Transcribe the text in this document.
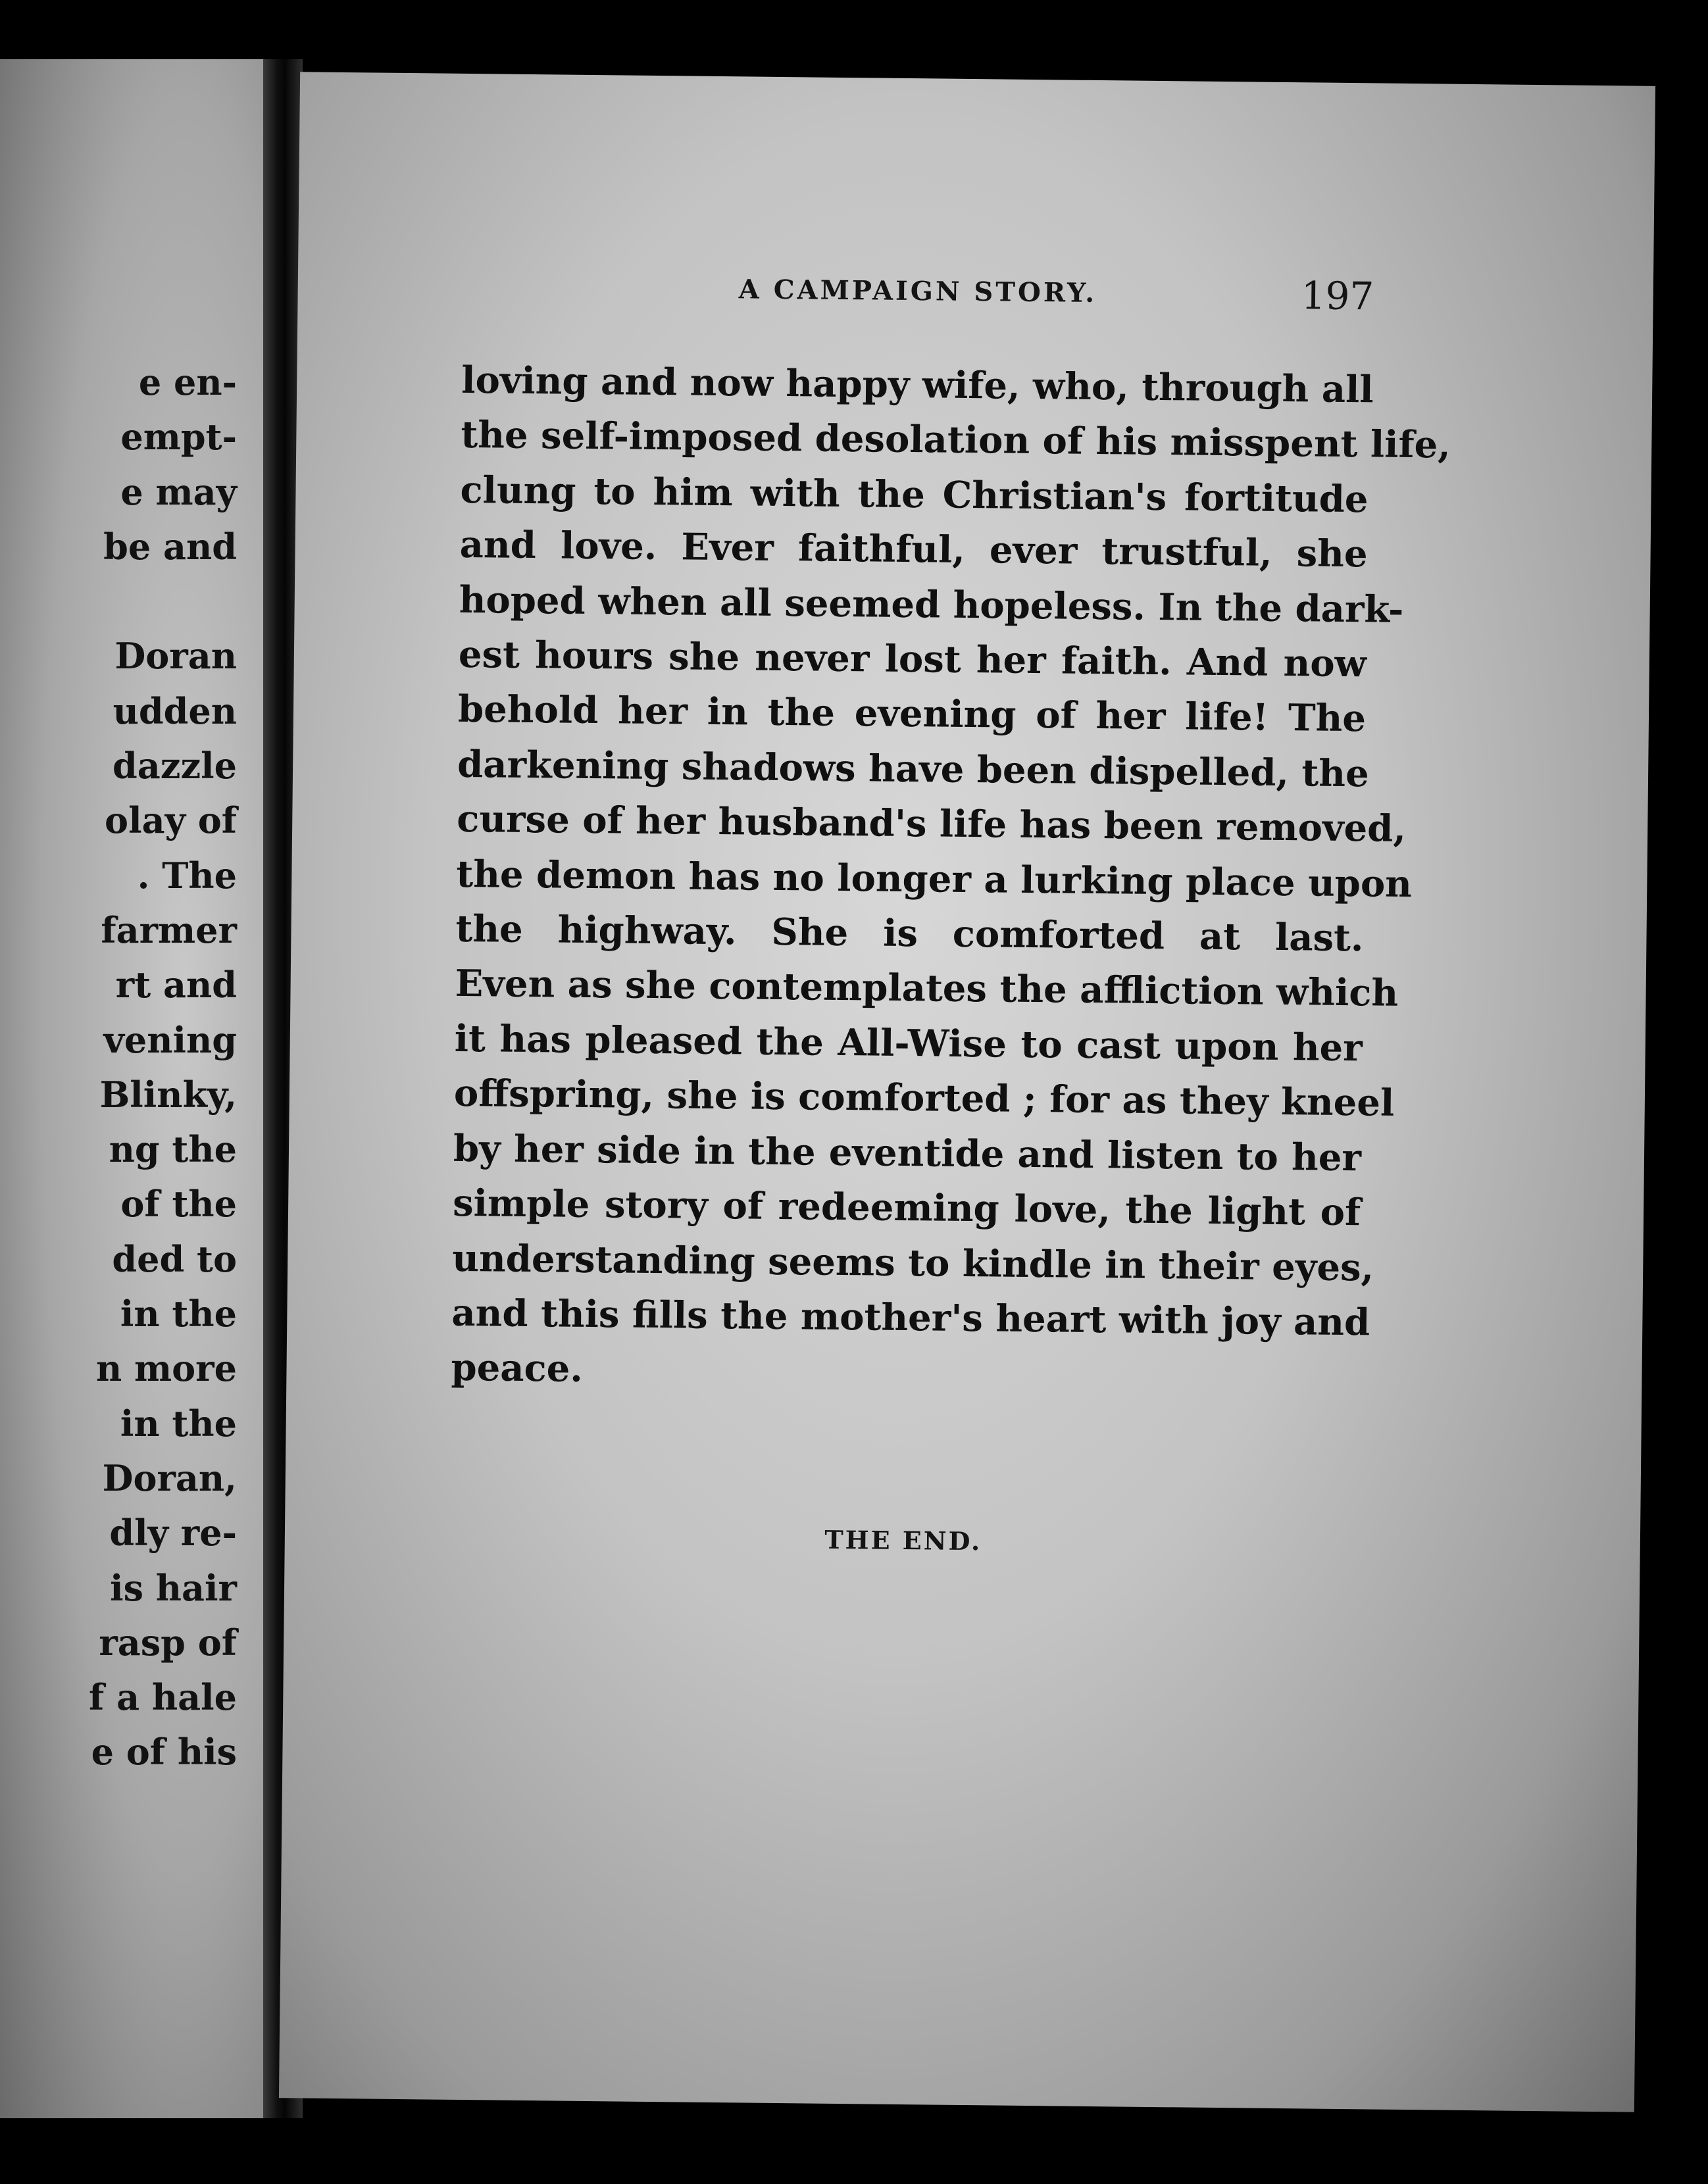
e en-
empt-
e may
be and

Doran
udden
dazzle
olay of
. The
farmer
rt and
vening
Blinky,
ng the
of the
ded to
in the
n more
in the
Doran,
dly re-
is hair
rasp of
f a hale
e of his
A CAMPAIGN STORY.	197
loving and now happy wife, who, through all
the self-imposed desolation of his misspent life,
clung to him with the Christian's fortitude
and love. Ever faithful, ever trustful, she
hoped when all seemed hopeless. In the dark-
est hours she never lost her faith. And now
behold her in the evening of her life! The
darkening shadows have been dispelled, the
curse of her husband's life has been removed,
the demon has no longer a lurking place upon
the highway. She is comforted at last.
Even as she contemplates the affliction which
it has pleased the All-Wise to cast upon her
offspring, she is comforted ; for as they kneel
by her side in the eventide and listen to her
simple story of redeeming love, the light of
understanding seems to kindle in their eyes,
and this fills the mother's heart with joy and
peace.
THE END.
